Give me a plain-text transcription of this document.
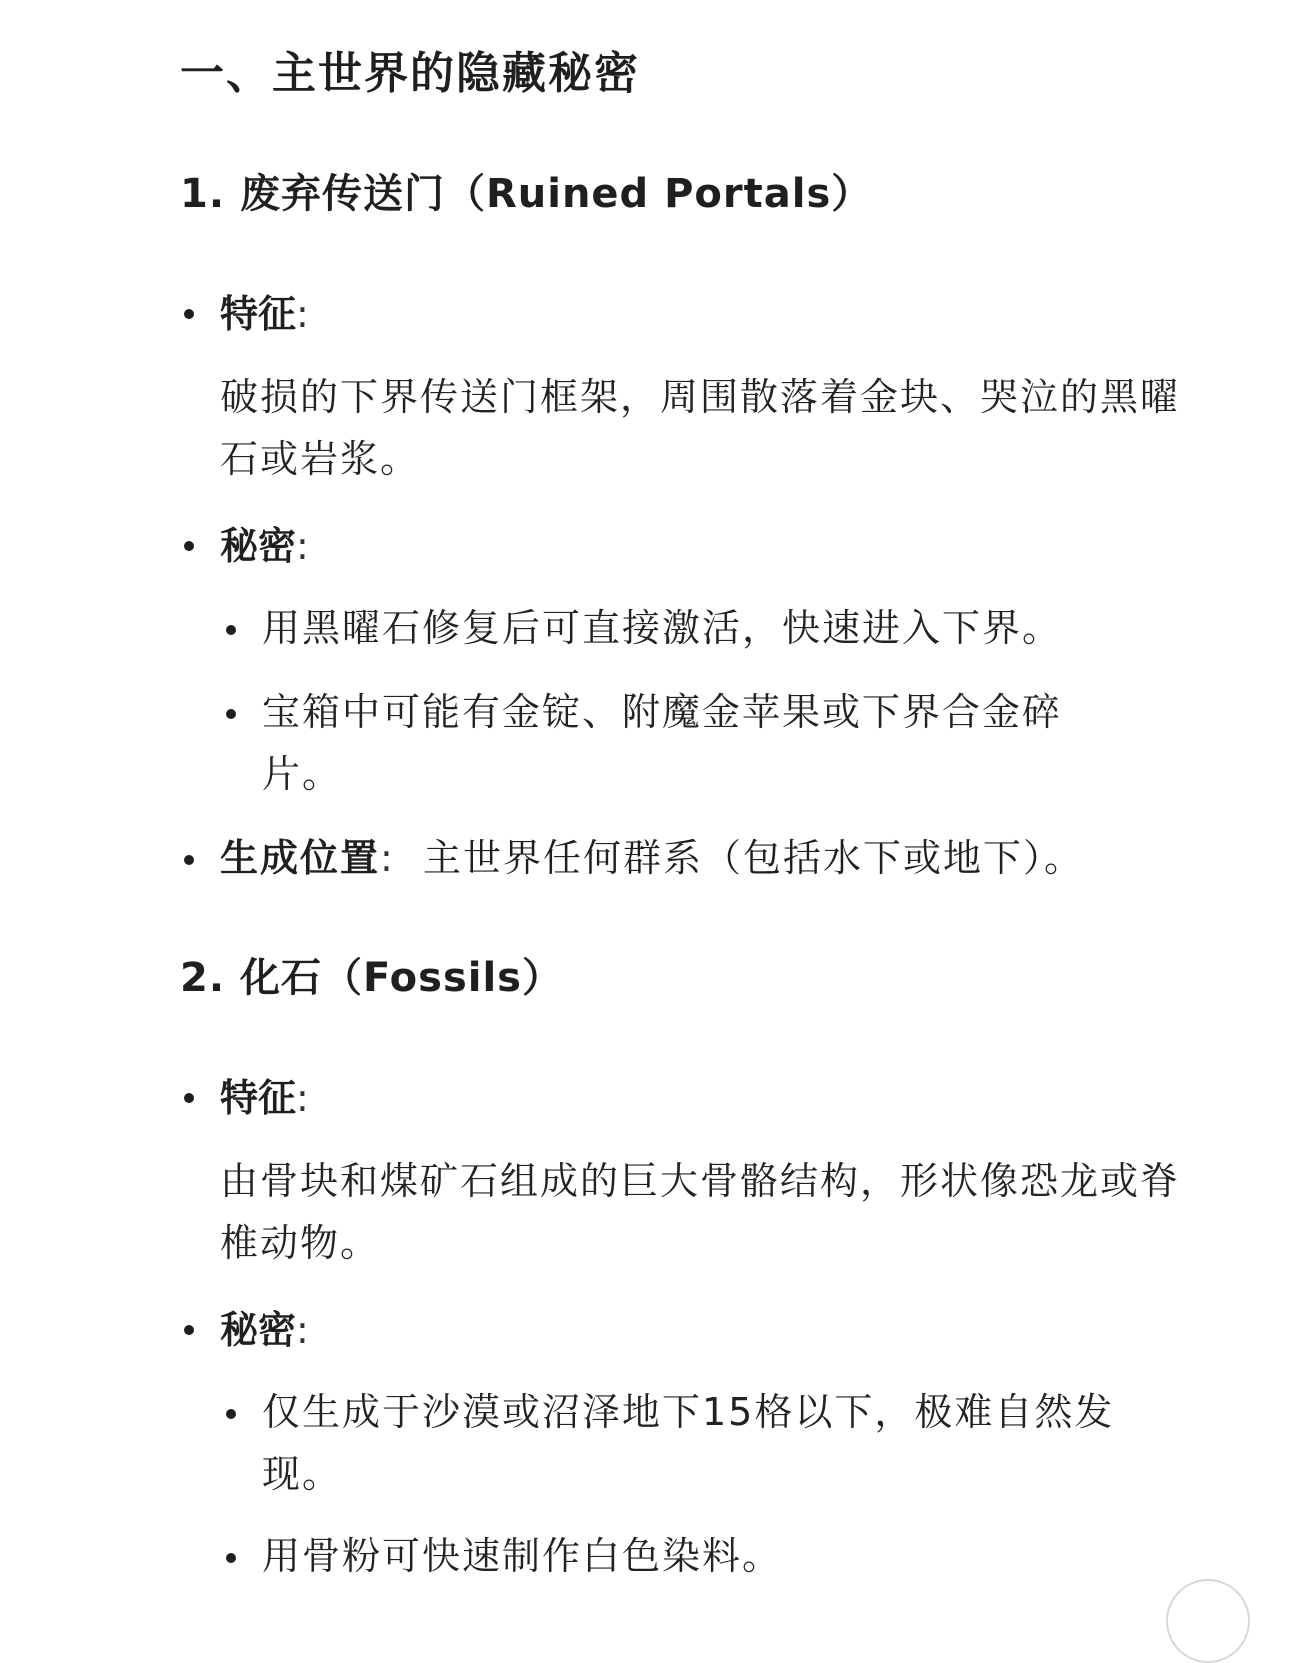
一、主世界的隐藏秘密
1. 废弃传送门（Ruined Portals）
特征:
破损的下界传送门框架，周围散落着金块、哭泣的黑曜石或岩浆。
秘密:
用黑曜石修复后可直接激活，快速进入下界。
宝箱中可能有金锭、附魔金苹果或下界合金碎片。
生成位置: 主世界任何群系（包括水下或地下）。
2. 化石（Fossils）
特征:
由骨块和煤矿石组成的巨大骨骼结构，形状像恐龙或脊椎动物。
秘密:
仅生成于沙漠或沼泽地下15格以下，极难自然发现。
用骨粉可快速制作白色染料。
